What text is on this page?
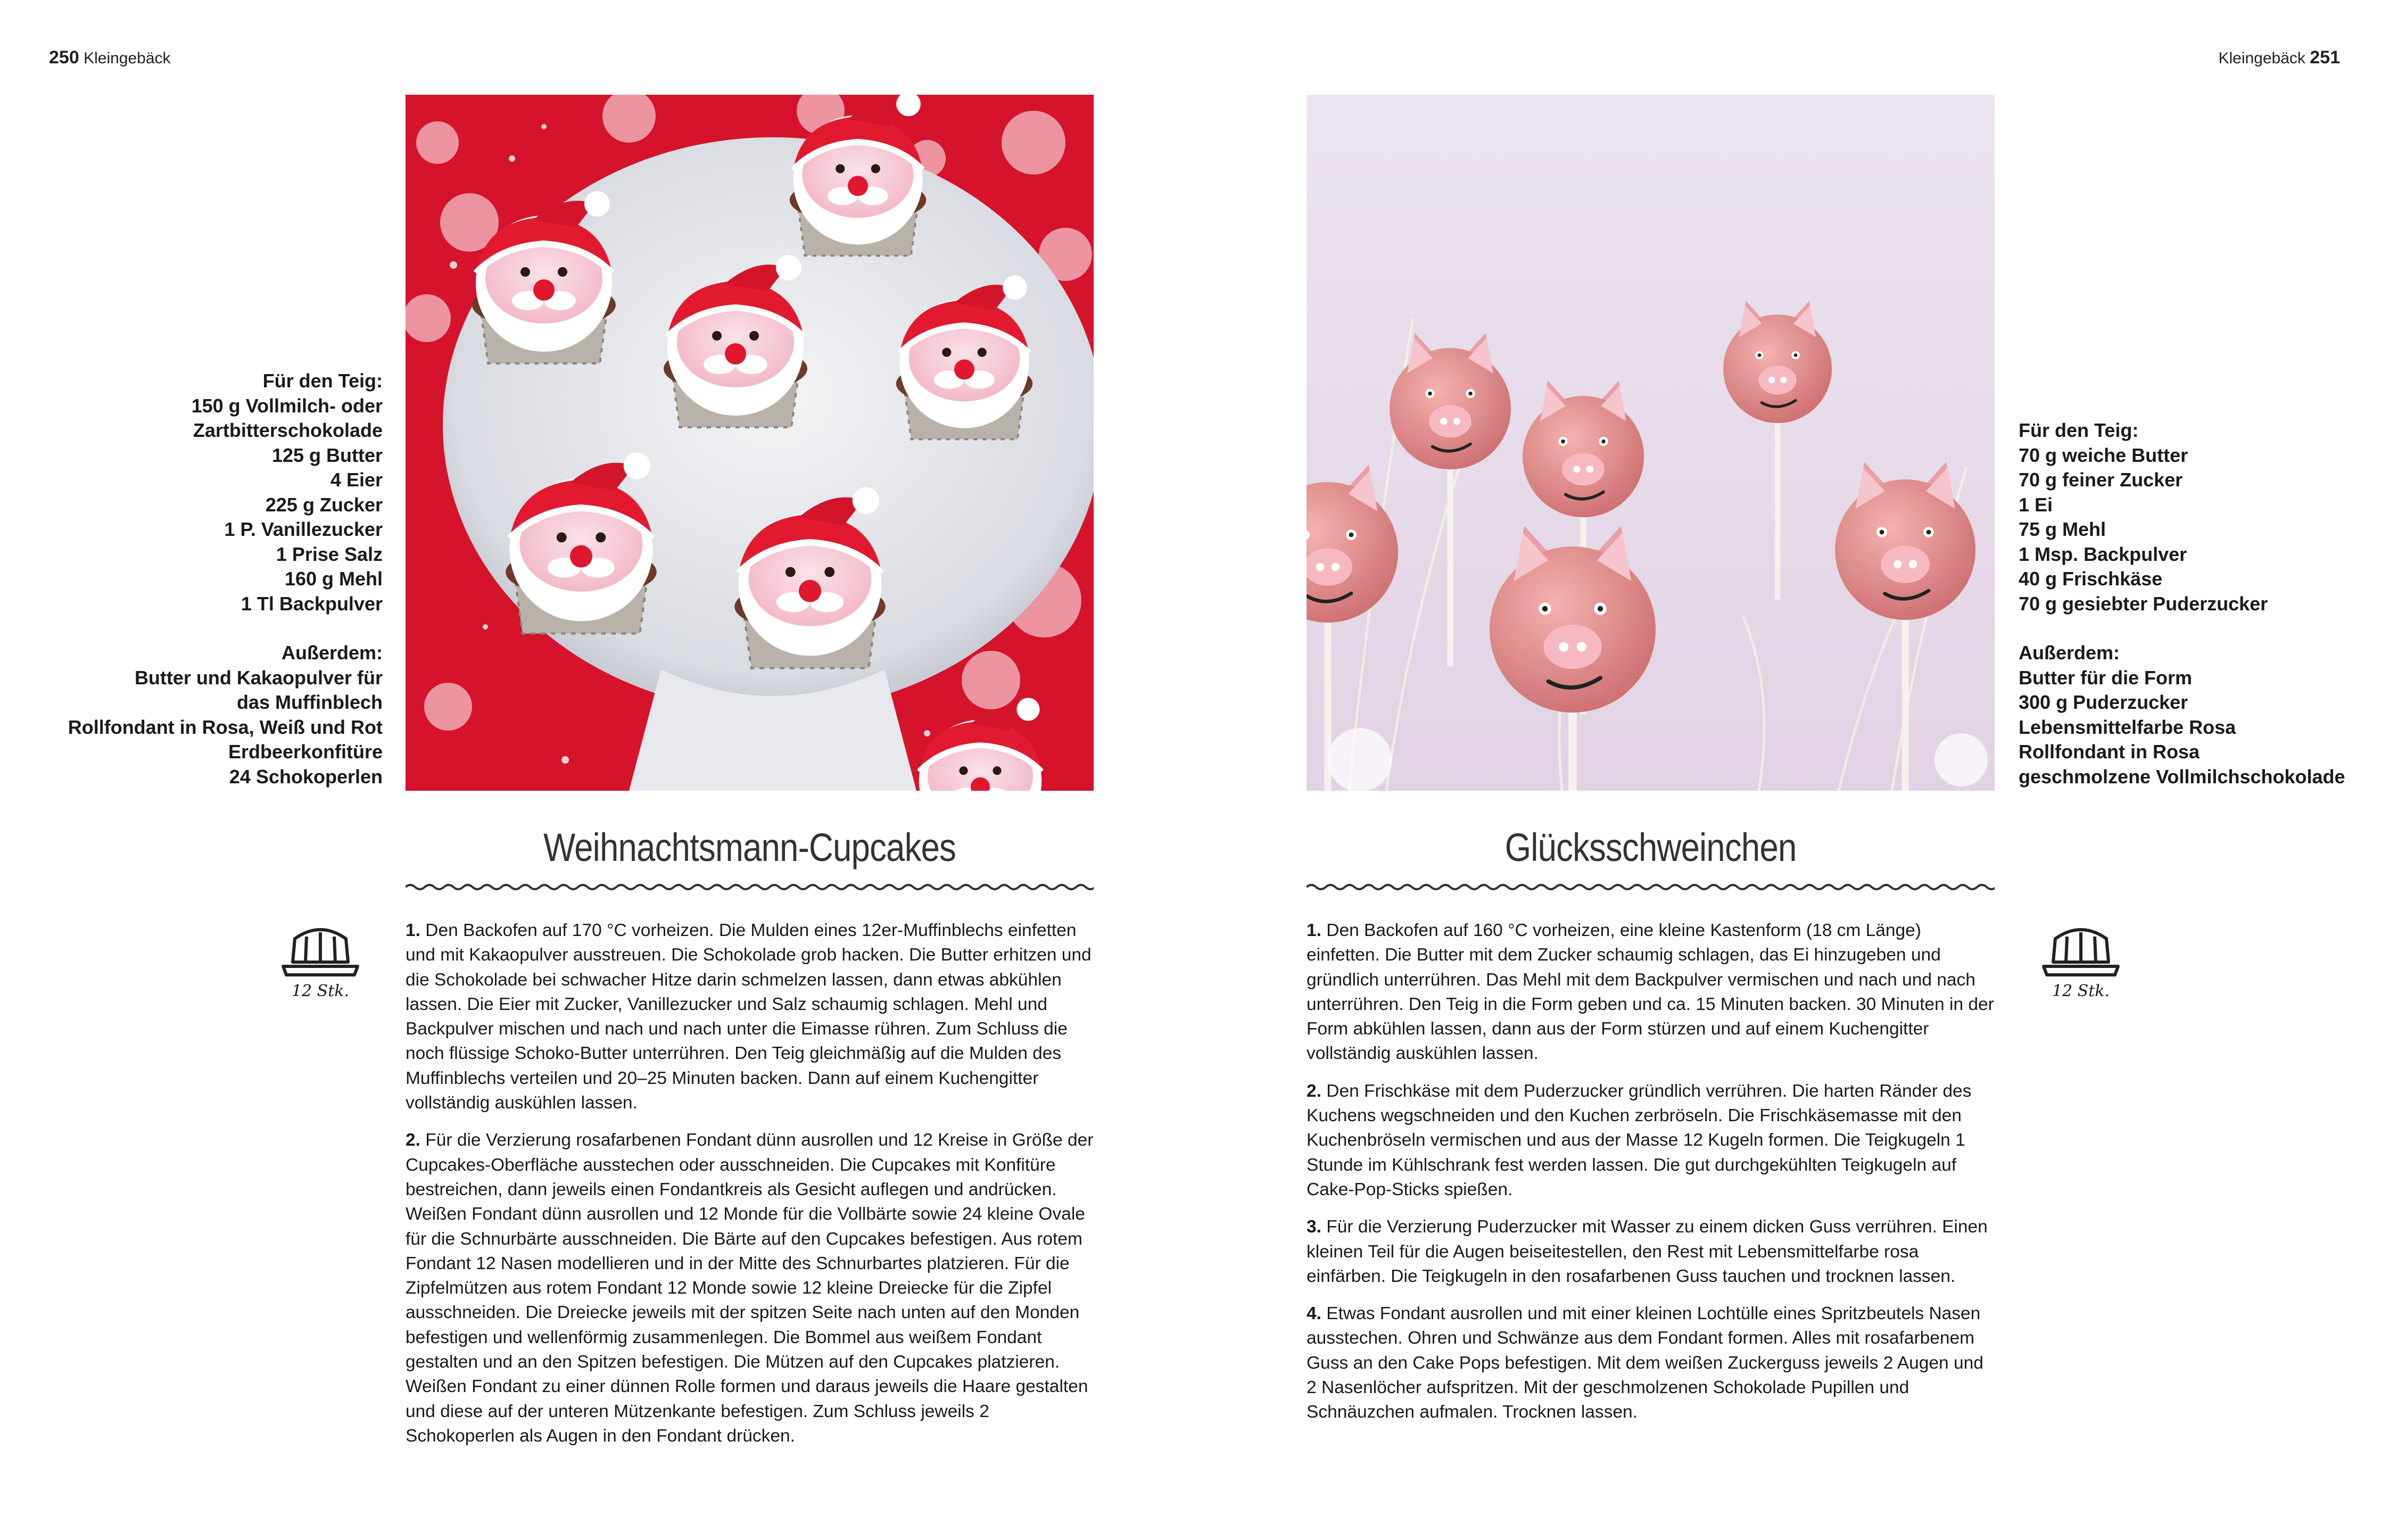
250 Kleingebäck	Kleingebäck 251
Für den Teig:
150 g Vollmilch- oder
Zartbitterschokolade
125 g Butter
4 Eier
225 g Zucker
1 P. Vanillezucker
1 Prise Salz
160 g Mehl
1 Tl Backpulver
Außerdem:
Butter und Kakaopulver für
das Muffinblech
Rollfondant in Rosa, Weiß und Rot
Erdbeerkonfitüre
24 Schokoperlen
Weihnachtsmann-Cupcakes
12 Stk.

1. Den Backofen auf 170 °C vorheizen. Die Mulden eines 12er-Muffinblechs einfetten und mit Kakaopulver ausstreuen. Die Schokolade grob hacken. Die Butter erhitzen und die Schokolade bei schwacher Hitze darin schmelzen lassen, dann etwas abkühlen lassen. Die Eier mit Zucker, Vanillezucker und Salz schaumig schlagen. Mehl und Backpulver mischen und nach und nach unter die Eimasse rühren. Zum Schluss die noch flüssige Schoko-Butter unterrühren. Den Teig gleichmäßig auf die Mulden des Muffinblechs verteilen und 20–25 Minuten backen. Dann auf einem Kuchengitter vollständig auskühlen lassen.

2. Für die Verzierung rosafarbenen Fondant dünn ausrollen und 12 Kreise in Größe der Cupcakes-Oberfläche ausstechen oder ausschneiden. Die Cupcakes mit Konfitüre bestreichen, dann jeweils einen Fondantkreis als Gesicht auflegen und andrücken. Weißen Fondant dünn ausrollen und 12 Monde für die Vollbärte sowie 24 kleine Ovale für die Schnurbärte ausschneiden. Die Bärte auf den Cupcakes befestigen. Aus rotem Fondant 12 Nasen modellieren und in der Mitte des Schnurbartes platzieren. Für die Zipfelmützen aus rotem Fondant 12 Monde sowie 12 kleine Dreiecke für die Zipfel ausschneiden. Die Dreiecke jeweils mit der spitzen Seite nach unten auf den Monden befestigen und wellenförmig zusammenlegen. Die Bommel aus weißem Fondant gestalten und an den Spitzen befestigen. Die Mützen auf den Cupcakes platzieren. Weißen Fondant zu einer dünnen Rolle formen und daraus jeweils die Haare gestalten und diese auf der unteren Mützenkante befestigen. Zum Schluss jeweils 2 Schokoperlen als Augen in den Fondant drücken.

Glücksschweinchen

1. Den Backofen auf 160 °C vorheizen, eine kleine Kastenform (18 cm Länge) einfetten. Die Butter mit dem Zucker schaumig schlagen, das Ei hinzugeben und gründlich unterrühren. Das Mehl mit dem Backpulver vermischen und nach und nach unterrühren. Den Teig in die Form geben und ca. 15 Minuten backen. 30 Minuten in der Form abkühlen lassen, dann aus der Form stürzen und auf einem Kuchengitter vollständig auskühlen lassen.

2. Den Frischkäse mit dem Puderzucker gründlich verrühren. Die harten Ränder des Kuchens wegschneiden und den Kuchen zerbröseln. Die Frischkäsemasse mit den Kuchenbröseln vermischen und aus der Masse 12 Kugeln formen. Die Teigkugeln 1 Stunde im Kühlschrank fest werden lassen. Die gut durchgekühlten Teigkugeln auf Cake-Pop-Sticks spießen.

3. Für die Verzierung Puderzucker mit Wasser zu einem dicken Guss verrühren. Einen kleinen Teil für die Augen beiseitestellen, den Rest mit Lebensmittelfarbe rosa einfärben. Die Teigkugeln in den rosafarbenen Guss tauchen und trocknen lassen.

4. Etwas Fondant ausrollen und mit einer kleinen Lochtülle eines Spritzbeutels Nasen ausstechen. Ohren und Schwänze aus dem Fondant formen. Alles mit rosafarbenem Guss an den Cake Pops befestigen. Mit dem weißen Zuckerguss jeweils 2 Augen und 2 Nasenlöcher aufspritzen. Mit der geschmolzenen Schokolade Pupillen und Schnäuzchen aufmalen. Trocknen lassen.

12 Stk.
Für den Teig:
70 g weiche Butter
70 g feiner Zucker
1 Ei
75 g Mehl
1 Msp. Backpulver
40 g Frischkäse
70 g gesiebter Puderzucker
Außerdem:
Butter für die Form
300 g Puderzucker
Lebensmittelfarbe Rosa
Rollfondant in Rosa
geschmolzene Vollmilchschokolade
